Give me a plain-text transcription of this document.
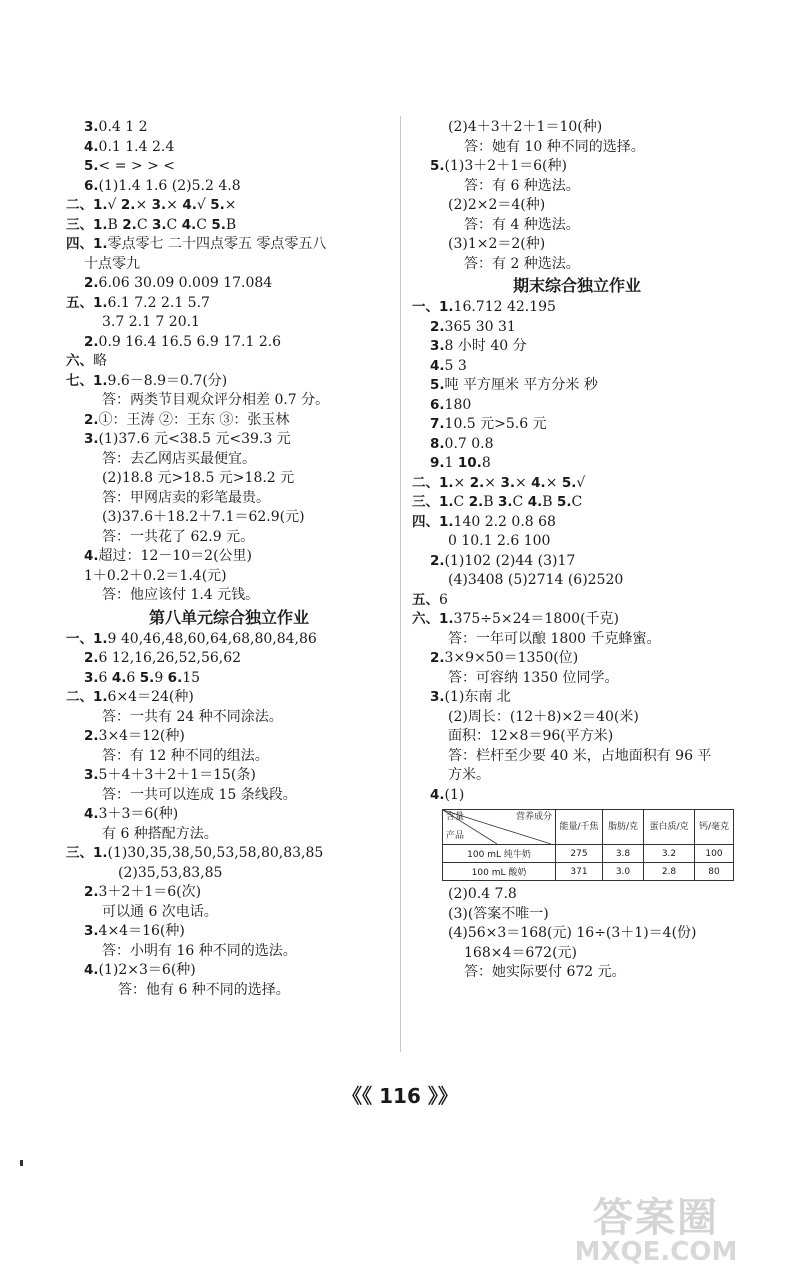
3.0.4 1 2
4.0.1 1.4 2.4
5.< = > > <
6.(1)1.4 1.6 (2)5.2 4.8
二、1.√ 2.× 3.× 4.√ 5.×
三、1.B 2.C 3.C 4.C 5.B
四、1.零点零七 二十四点零五 零点零五八
十点零九
2.6.06 30.09 0.009 17.084
五、1.6.1 7.2 2.1 5.7
3.7 2.1 7 20.1
2.0.9 16.4 16.5 6.9 17.1 2.6
六、略
七、1.9.6－8.9＝0.7(分)
答：两类节目观众评分相差 0.7 分。
2.①：王涛 ②：王东 ③：张玉林
3.(1)37.6 元<38.5 元<39.3 元
答：去乙网店买最便宜。
(2)18.8 元>18.5 元>18.2 元
答：甲网店卖的彩笔最贵。
(3)37.6＋18.2＋7.1＝62.9(元)
答：一共花了 62.9 元。
4.超过：12－10＝2(公里)
1＋0.2＋0.2＝1.4(元)
答：他应该付 1.4 元钱。
第八单元综合独立作业
一、1.9 40,46,48,60,64,68,80,84,86
2.6 12,16,26,52,56,62
3.6 4.6 5.9 6.15
二、1.6×4＝24(种)
答：一共有 24 种不同涂法。
2.3×4＝12(种)
答：有 12 种不同的组法。
3.5＋4＋3＋2＋1＝15(条)
答：一共可以连成 15 条线段。
4.3＋3＝6(种)
有 6 种搭配方法。
三、1.(1)30,35,38,50,53,58,80,83,85
(2)35,53,83,85
2.3＋2＋1＝6(次)
可以通 6 次电话。
3.4×4＝16(种)
答：小明有 16 种不同的选法。
4.(1)2×3＝6(种)
答：他有 6 种不同的选择。
(2)4＋3＋2＋1＝10(种)
答：她有 10 种不同的选择。
5.(1)3＋2＋1＝6(种)
答：有 6 种选法。
(2)2×2＝4(种)
答：有 4 种选法。
(3)1×2＝2(种)
答：有 2 种选法。
期末综合独立作业
一、1.16.712 42.195
2.365 30 31
3.8 小时 40 分
4.5 3
5.吨 平方厘米 平方分米 秒
6.180
7.10.5 元>5.6 元
8.0.7 0.8
9.1 10.8
二、1.× 2.× 3.× 4.× 5.√
三、1.C 2.B 3.C 4.B 5.C
四、1.140 2.2 0.8 68
0 10.1 2.6 100
2.(1)102 (2)44 (3)17
(4)3408 (5)2714 (6)2520
五、6
六、1.375÷5×24＝1800(千克)
答：一年可以酿 1800 千克蜂蜜。
2.3×9×50＝1350(位)
答：可容纳 1350 位同学。
3.(1)东南 北
(2)周长：(12＋8)×2＝40(米)
面积：12×8＝96(平方米)
答：栏杆至少要 40 米，占地面积有 96 平
方米。
4.(1)
含量 营养成分
产品	能量/千焦	脂肪/克	蛋白质/克	钙/毫克
100 mL 纯牛奶	275	3.8	3.2	100
100 mL 酸奶	371	3.0	2.8	80
(2)0.4 7.8
(3)(答案不唯一)
(4)56×3＝168(元) 16÷(3＋1)＝4(份)
168×4＝672(元)
答：她实际要付 672 元。
《《 116 》》
答案圈
MXQE.COM
